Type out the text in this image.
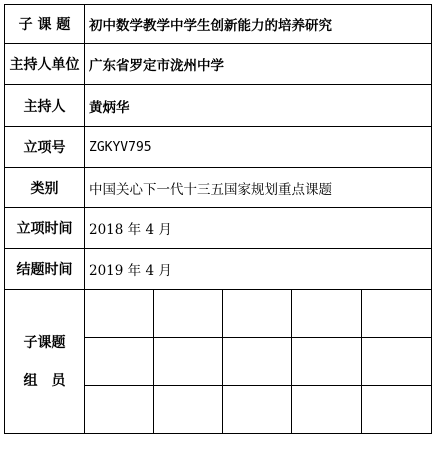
子 课 题	初中数学教学中学生创新能力的培养研究				
主持人单位	广东省罗定市泷州中学				
主持人	黄炳华				
立项号	ZGKYV795				
类别	中国关心下一代十三五国家规划重点课题				
立项时间	2018 年 4 月				
结题时间	2019 年 4 月				

子课题
组　员					
